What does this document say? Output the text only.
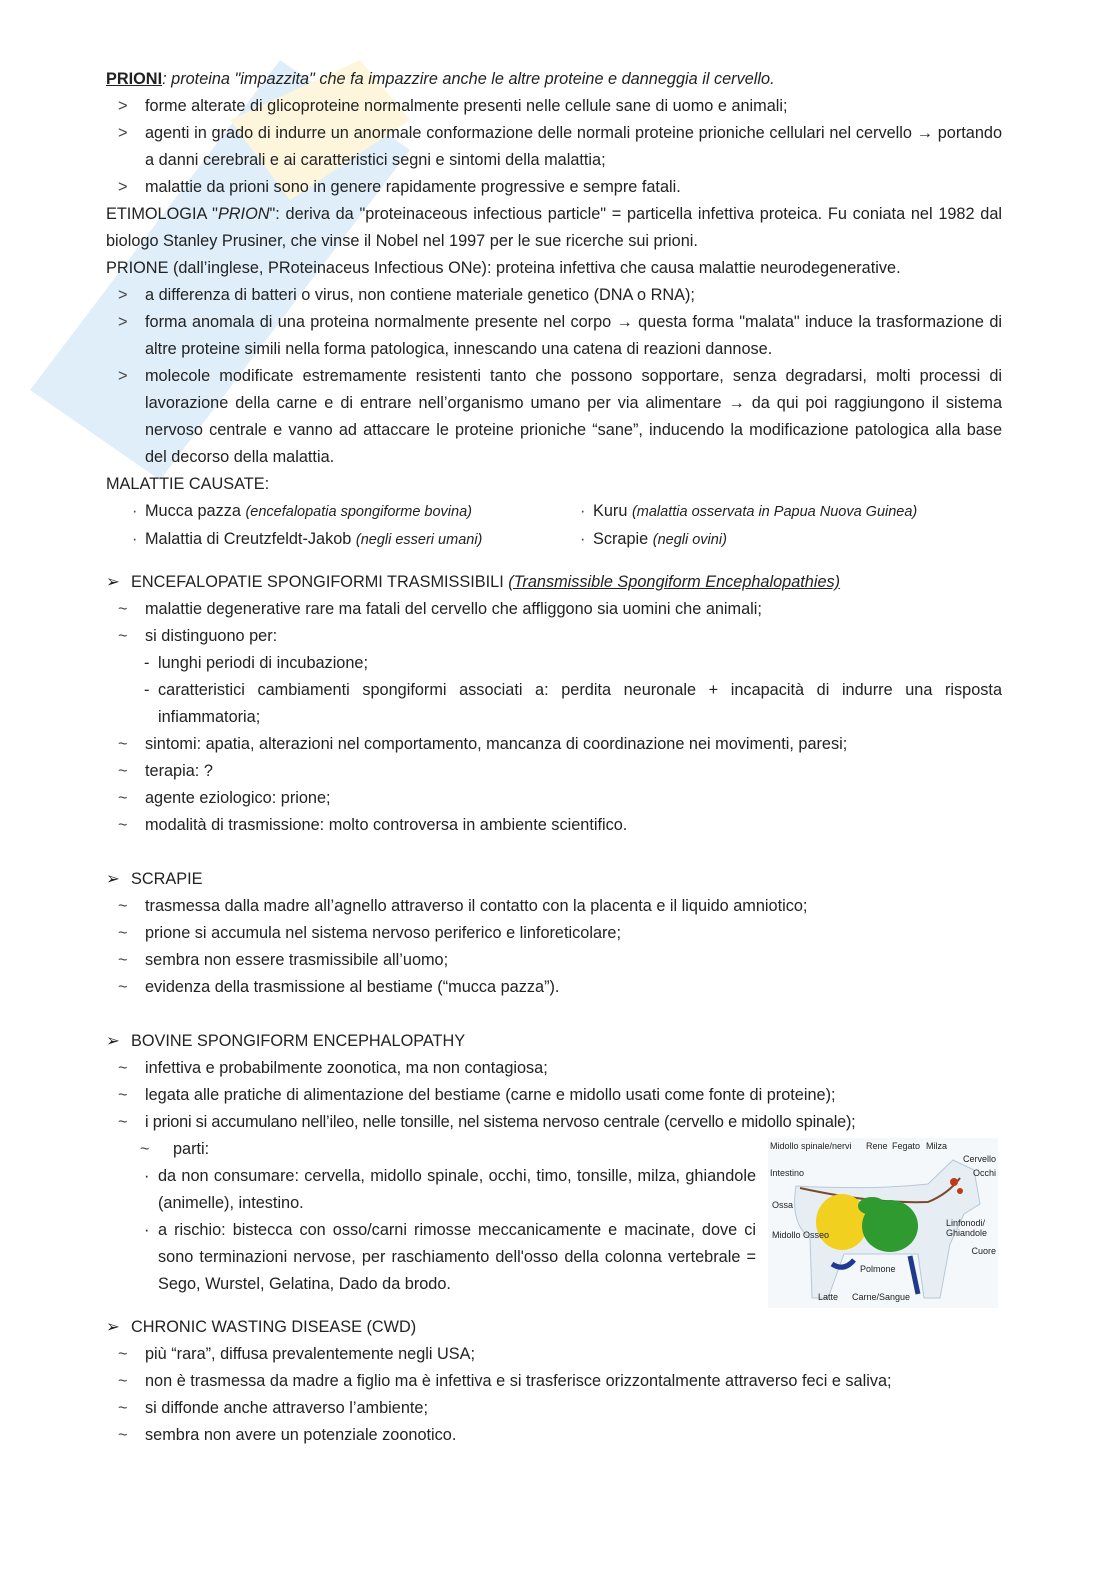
PRIONI: proteina "impazzita" che fa impazzire anche le altre proteine e danneggia il cervello.
> forme alterate di glicoproteine normalmente presenti nelle cellule sane di uomo e animali;
> agenti in grado di indurre un anormale conformazione delle normali proteine prioniche cellulari nel cervello → portando a danni cerebrali e ai caratteristici segni e sintomi della malattia;
> malattie da prioni sono in genere rapidamente progressive e sempre fatali.
ETIMOLOGIA "PRION": deriva da "proteinaceous infectious particle" = particella infettiva proteica. Fu coniata nel 1982 dal biologo Stanley Prusiner, che vinse il Nobel nel 1997 per le sue ricerche sui prioni.
PRIONE (dall’inglese, PRoteinaceus Infectious ONe): proteina infettiva che causa malattie neurodegenerative.
> a differenza di batteri o virus, non contiene materiale genetico (DNA o RNA);
> forma anomala di una proteina normalmente presente nel corpo → questa forma "malata" induce la trasformazione di altre proteine simili nella forma patologica, innescando una catena di reazioni dannose.
> molecole modificate estremamente resistenti tanto che possono sopportare, senza degradarsi, molti processi di lavorazione della carne e di entrare nell’organismo umano per via alimentare → da qui poi raggiungono il sistema nervoso centrale e vanno ad attaccare le proteine prioniche “sane”, inducendo la modificazione patologica alla base del decorso della malattia.
MALATTIE CAUSATE:
· Mucca pazza (encefalopatia spongiforme bovina)
· Malattia di Creutzfeldt-Jakob (negli esseri umani)
· Kuru (malattia osservata in Papua Nuova Guinea)
· Scrapie (negli ovini)
➢ ENCEFALOPATIE SPONGIFORMI TRASMISSIBILI (Transmissible Spongiform Encephalopathies)
~ malattie degenerative rare ma fatali del cervello che affliggono sia uomini che animali;
~ si distinguono per:
- lunghi periodi di incubazione;
- caratteristici cambiamenti spongiformi associati a: perdita neuronale + incapacità di indurre una risposta infiammatoria;
~ sintomi: apatia, alterazioni nel comportamento, mancanza di coordinazione nei movimenti, paresi;
~ terapia: ?
~ agente eziologico: prione;
~ modalità di trasmissione: molto controversa in ambiente scientifico.
➢ SCRAPIE
~ trasmessa dalla madre all’agnello attraverso il contatto con la placenta e il liquido amniotico;
~ prione si accumula nel sistema nervoso periferico e linforeticolare;
~ sembra non essere trasmissibile all’uomo;
~ evidenza della trasmissione al bestiame (“mucca pazza”).
➢ BOVINE SPONGIFORM ENCEPHALOPATHY
~ infettiva e probabilmente zoonotica, ma non contagiosa;
~ legata alle pratiche di alimentazione del bestiame (carne e midollo usati come fonte di proteine);
~ i prioni si accumulano nell’ileo, nelle tonsille, nel sistema nervoso centrale (cervello e midollo spinale);
~ parti:
· da non consumare: cervella, midollo spinale, occhi, timo, tonsille, milza, ghiandole (animelle), intestino.
· a rischio: bistecca con osso/carni rimosse meccanicamente e macinate, dove ci sono terminazioni nervose, per raschiamento dell'osso della colonna vertebrale = Sego, Wurstel, Gelatina, Dado da brodo.
Midollo spinale/nervi Rene Fegato Milza
Cervello
Intestino	Occhi
Ossa
Linfonodi/ Ghiandole
Midollo Osseo
Cuore
Polmone
Latte Carne/Sangue
➢ CHRONIC WASTING DISEASE (CWD)
~ più “rara”, diffusa prevalentemente negli USA;
~ non è trasmessa da madre a figlio ma è infettiva e si trasferisce orizzontalmente attraverso feci e saliva;
~ si diffonde anche attraverso l’ambiente;
~ sembra non avere un potenziale zoonotico.
